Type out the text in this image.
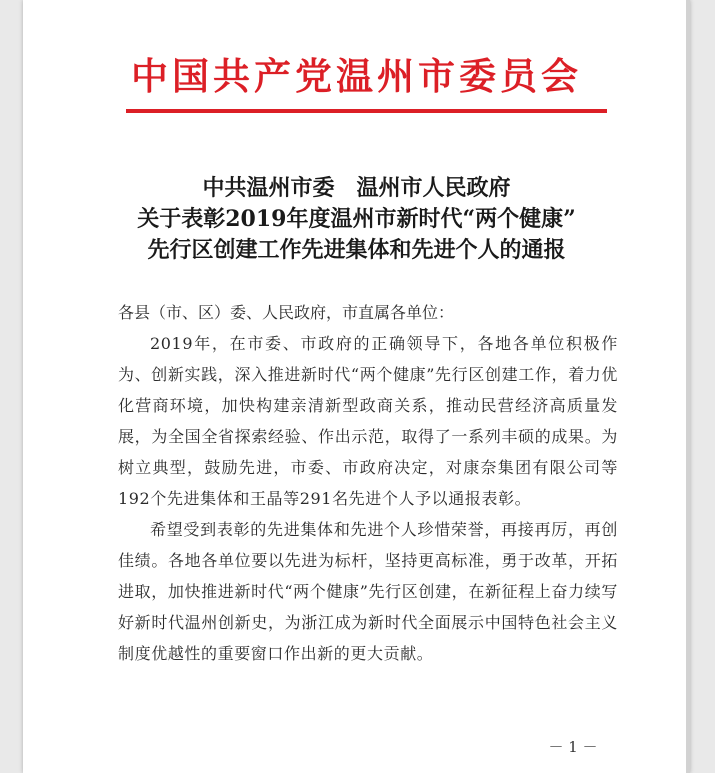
中国共产党温州市委员会
中共温州市委　温州市人民政府
关于表彰2019年度温州市新时代“两个健康”
先行区创建工作先进集体和先进个人的通报

各县（市、区）委、人民政府，市直属各单位：

2019年，在市委、市政府的正确领导下，各地各单位积极作为、创新实践，深入推进新时代“两个健康”先行区创建工作，着力优化营商环境，加快构建亲清新型政商关系，推动民营经济高质量发展，为全国全省探索经验、作出示范，取得了一系列丰硕的成果。为树立典型，鼓励先进，市委、市政府决定，对康奈集团有限公司等192个先进集体和王晶等291名先进个人予以通报表彰。

希望受到表彰的先进集体和先进个人珍惜荣誉，再接再厉，再创佳绩。各地各单位要以先进为标杆，坚持更高标准，勇于改革，开拓进取，加快推进新时代“两个健康”先行区创建，在新征程上奋力续写好新时代温州创新史，为浙江成为新时代全面展示中国特色社会主义制度优越性的重要窗口作出新的更大贡献。

－ 1 －
